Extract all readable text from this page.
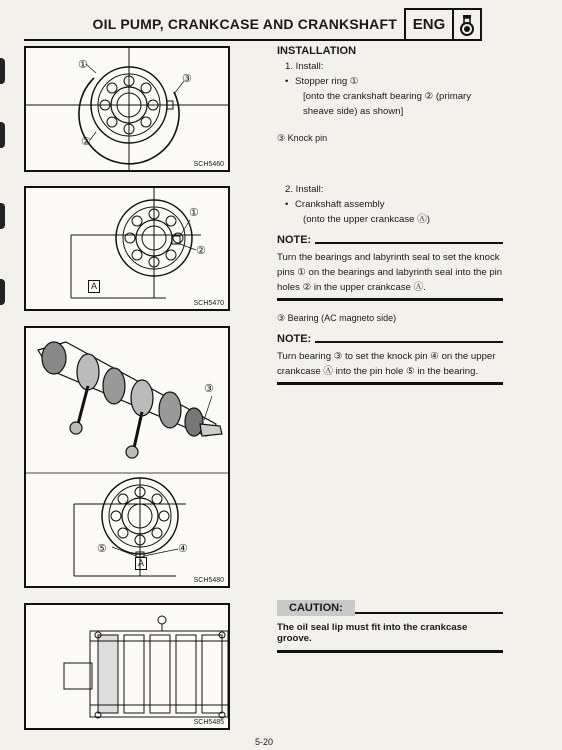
OIL PUMP, CRANKCASE AND CRANKSHAFT	ENG
①
③
②
SCH5460
①
②
A
SCH5470
③
⑤	④
A
SCH5480
SCH5485
INSTALLATION
1. Install:
• Stopper ring ①
[onto the crankshaft bearing ② (primary sheave side) as shown]
③ Knock pin
2. Install:
• Crankshaft assembly
(onto the upper crankcase Ⓐ)
NOTE:
Turn the bearings and labyrinth seal to set the knock pins ① on the bearings and labyrinth seal into the pin holes ② in the upper crankcase Ⓐ.
③ Bearing (AC magneto side)
NOTE:
Turn bearing ③ to set the knock pin ④ on the upper crankcase Ⓐ into the pin hole ⑤ in the bearing.
CAUTION:
The oil seal lip must fit into the crankcase groove.
5-20
